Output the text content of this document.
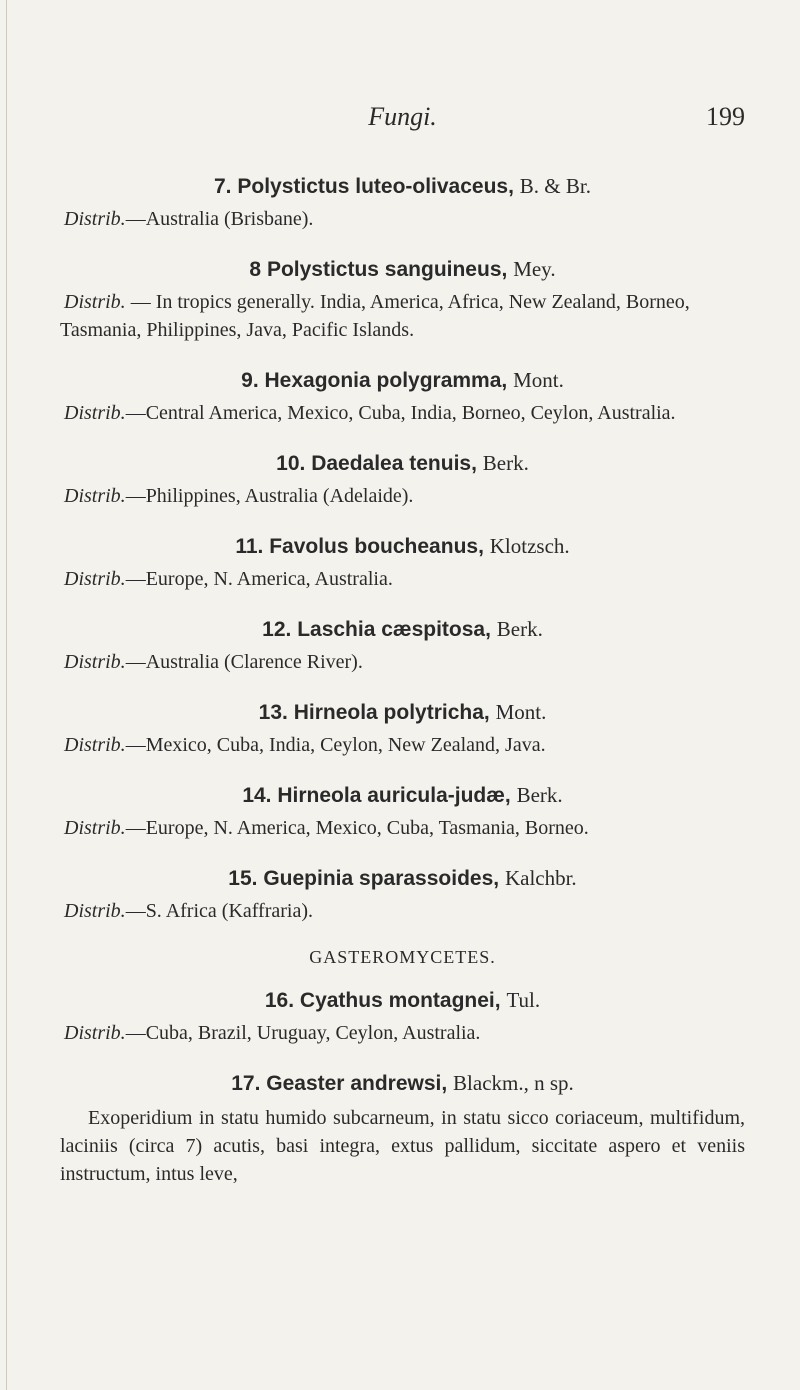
Fungi.	199

7. Polystictus luteo-olivaceus, B. & Br.

Distrib.—Australia (Brisbane).

8 Polystictus sanguineus, Mey.

Distrib. — In tropics generally. India, America, Africa, New Zealand, Borneo, Tasmania, Philippines, Java, Pacific Islands.

9. Hexagonia polygramma, Mont.

Distrib.—Central America, Mexico, Cuba, India, Borneo, Ceylon, Australia.

10. Daedalea tenuis, Berk.

Distrib.—Philippines, Australia (Adelaide).

11. Favolus boucheanus, Klotzsch.

Distrib.—Europe, N. America, Australia.

12. Laschia cæspitosa, Berk.

Distrib.—Australia (Clarence River).

13. Hirneola polytricha, Mont.

Distrib.—Mexico, Cuba, India, Ceylon, New Zealand, Java.

14. Hirneola auricula-judæ, Berk.

Distrib.—Europe, N. America, Mexico, Cuba, Tasmania, Borneo.

15. Guepinia sparassoides, Kalchbr.

Distrib.—S. Africa (Kaffraria).

GASTEROMYCETES.

16. Cyathus montagnei, Tul.

Distrib.—Cuba, Brazil, Uruguay, Ceylon, Australia.

17. Geaster andrewsi, Blackm., n sp.

Exoperidium in statu humido subcarneum, in statu sicco coriaceum, multifidum, laciniis (circa 7) acutis, basi integra, extus pallidum, siccitate aspero et veniis instructum, intus leve,
